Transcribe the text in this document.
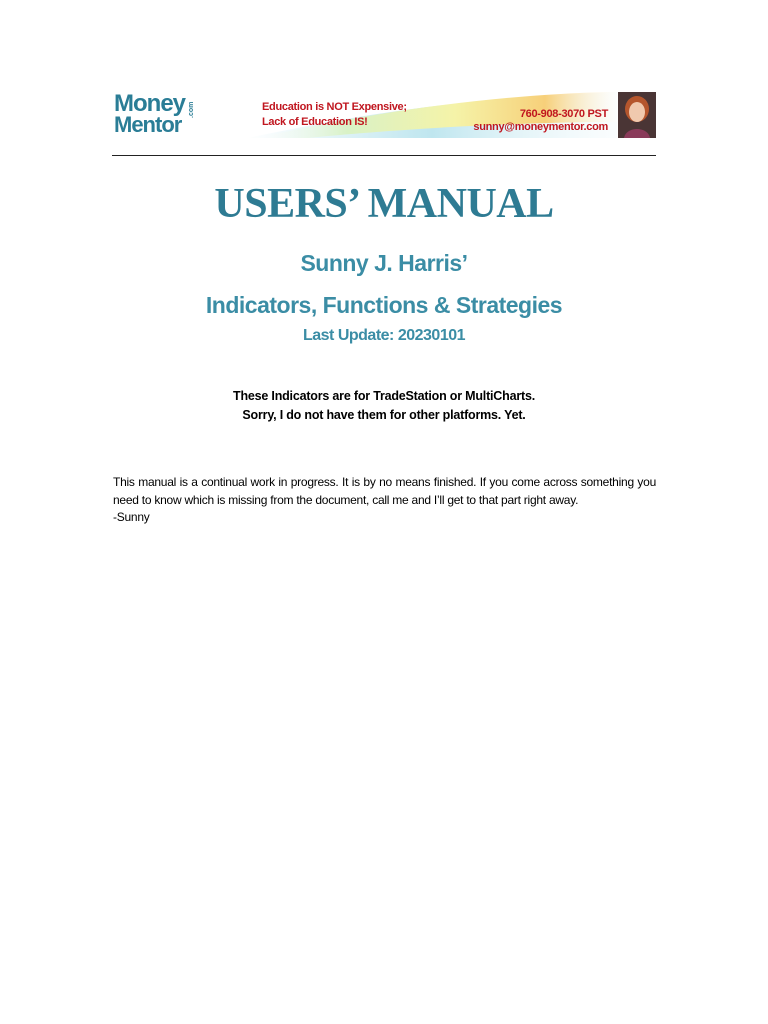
Money
Mentor
.com	Education is NOT Expensive;
Lack of Education IS!
760-908-3070 PST
sunny@moneymentor.com
USERS’ MANUAL
Sunny J. Harris’
Indicators, Functions & Strategies
Last Update: 20230101
These Indicators are for TradeStation or MultiCharts.
Sorry, I do not have them for other platforms. Yet.
This manual is a continual work in progress. It is by no means finished. If you come across something you need to know which is missing from the document, call me and I’ll get to that part right away.
-Sunny
